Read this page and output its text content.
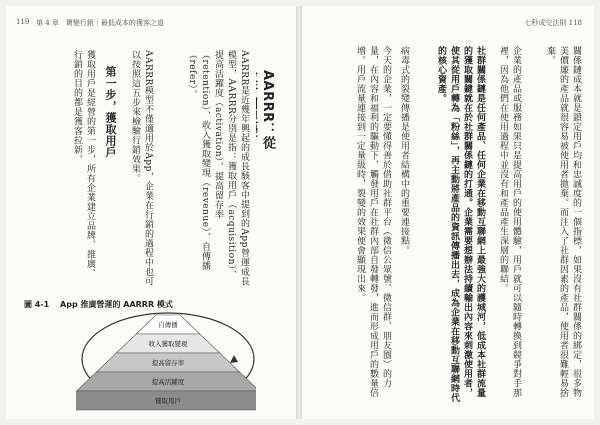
119 第 4 章　寶變行銷｜最低成本的獲客之道
AARRR：從
AARRR是近幾年興起的成長駭客中提到的App營運成長模型，AARRR分別是指：獲取用戶（acquisition）、提高活躍度（activation）、提高留存率（retention）、收入獲取變現（revenue）、自傳播（refer）。
AARRR模型不僅適用於App，企業在行銷的過程中也可以按照這五步來檢驗行銷效果。
第一步，獲取用戶
獲取用戶是經營的第一步，所有企業建立品牌、推廣、行銷的目的都是獲客拉新。
圖 4-1 App 推廣營運的 AARRR 模式
自傳播
收入獲取變現
提高留存率
提高活躍度
獲取用戶
七秒成交法則 118
關係鏈成本就是鎖定用戶均和忠誠度的一個指標，如果沒有社群關係的綁定，很多物美價廉的產品就很容易被使用者拋棄。而注入了社群因素的產品，使用者很難輕易捨棄。
企業的產品或服務如果只是提高用戶的使用體驗，用戶就可以隨時轉換到競爭對手那裡，因為他們在使用過程中並沒有和產品產生深層的聯結。
社群關係鏈是任何產品、任何企業在移動互聯網上最強大的護城河，低成本社群流量的獲取關鍵就在於社群關係鏈的打通。企業需要想辦法持續輸出內容來刺激使用者，使其從用戶轉為「粉絲」，再主動將產品的資訊傳播出去，成為企業在移動互聯網時代的核心資產。
病毒式的裂變傳播是使用者結構中的重要連接點。
今天的企業，一定要懂得善於借助社群平台（微信公眾號、微信群、朋友圈）的力量，在內容和福利的驅動下，觸發用戶在社群內部自發轉發，進而形成用戶的數量倍增。用戶流量連接到一定量級時，裂變的效果便會顯現出來。
